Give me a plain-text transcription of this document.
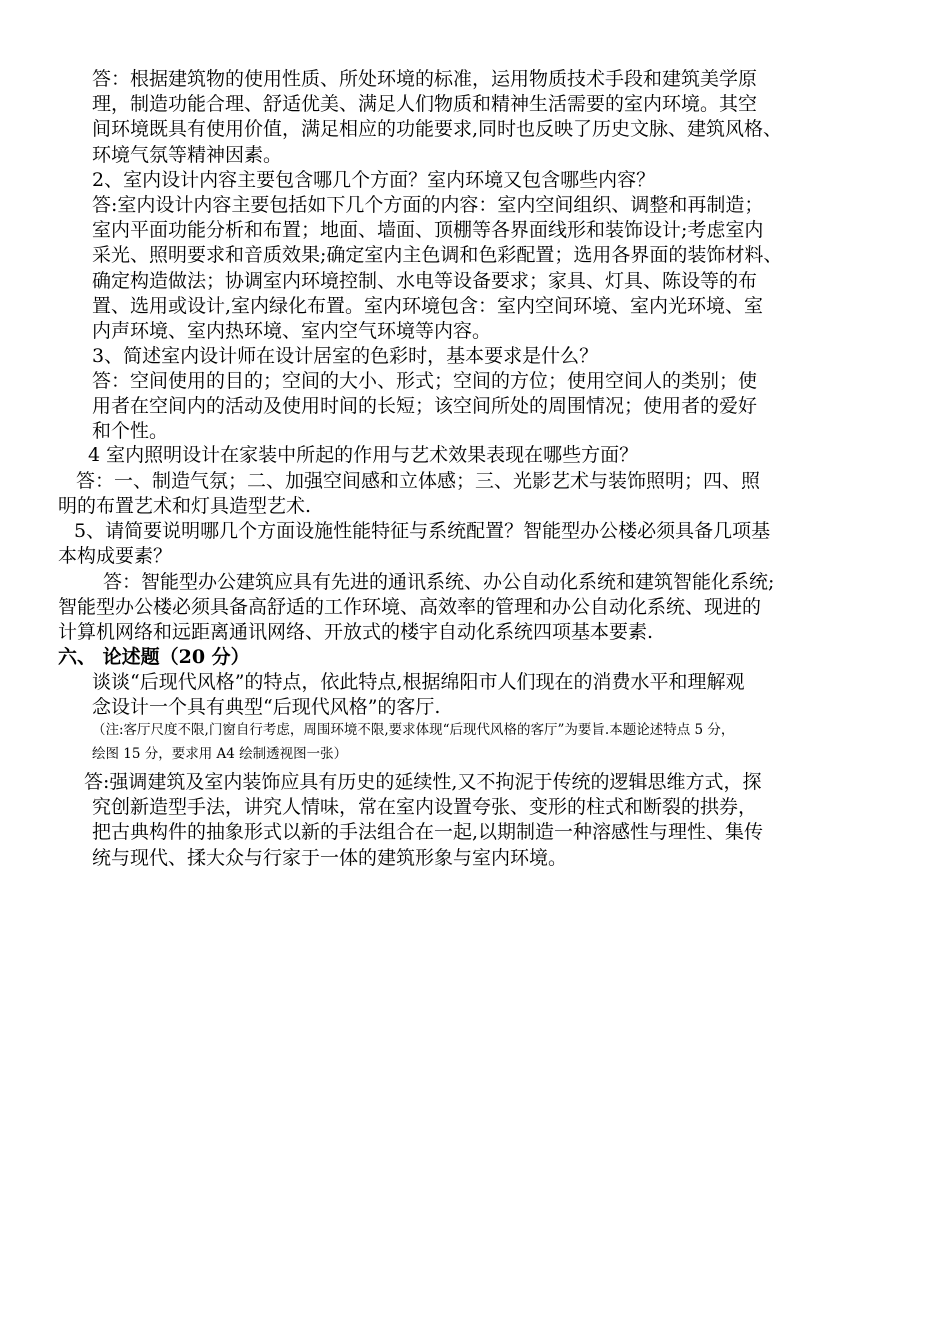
答：根据建筑物的使用性质、所处环境的标准，运用物质技术手段和建筑美学原
理，制造功能合理、舒适优美、满足人们物质和精神生活需要的室内环境。其空
间环境既具有使用价值，满足相应的功能要求,同时也反映了历史文脉、建筑风格、
环境气氛等精神因素。
2、室内设计内容主要包含哪几个方面？室内环境又包含哪些内容？
答:室内设计内容主要包括如下几个方面的内容：室内空间组织、调整和再制造；
室内平面功能分析和布置；地面、墙面、顶棚等各界面线形和装饰设计;考虑室内
采光、照明要求和音质效果;确定室内主色调和色彩配置；选用各界面的装饰材料、
确定构造做法；协调室内环境控制、水电等设备要求；家具、灯具、陈设等的布
置、选用或设计,室内绿化布置。室内环境包含：室内空间环境、室内光环境、室
内声环境、室内热环境、室内空气环境等内容。
3、简述室内设计师在设计居室的色彩时，基本要求是什么？
答：空间使用的目的；空间的大小、形式；空间的方位；使用空间人的类别；使
用者在空间内的活动及使用时间的长短；该空间所处的周围情况；使用者的爱好
和个性。
4 室内照明设计在家装中所起的作用与艺术效果表现在哪些方面？
答：一、制造气氛；二、加强空间感和立体感；三、光影艺术与装饰照明；四、照
明的布置艺术和灯具造型艺术.
5、请简要说明哪几个方面设施性能特征与系统配置？智能型办公楼必须具备几项基
本构成要素？
答：智能型办公建筑应具有先进的通讯系统、办公自动化系统和建筑智能化系统;
智能型办公楼必须具备高舒适的工作环境、高效率的管理和办公自动化系统、现进的
计算机网络和远距离通讯网络、开放式的楼宇自动化系统四项基本要素.
六、 论述题（20 分）
谈谈“后现代风格”的特点，依此特点,根据绵阳市人们现在的消费水平和理解观
念设计一个具有典型“后现代风格”的客厅.
（注:客厅尺度不限,门窗自行考虑，周围环境不限,要求体现“后现代风格的客厅”为要旨.本题论述特点 5 分，
绘图 15 分，要求用 A4 绘制透视图一张）
答:强调建筑及室内装饰应具有历史的延续性,又不拘泥于传统的逻辑思维方式，探
究创新造型手法，讲究人情味，常在室内设置夸张、变形的柱式和断裂的拱券，
把古典构件的抽象形式以新的手法组合在一起,以期制造一种溶感性与理性、集传
统与现代、揉大众与行家于一体的建筑形象与室内环境。
